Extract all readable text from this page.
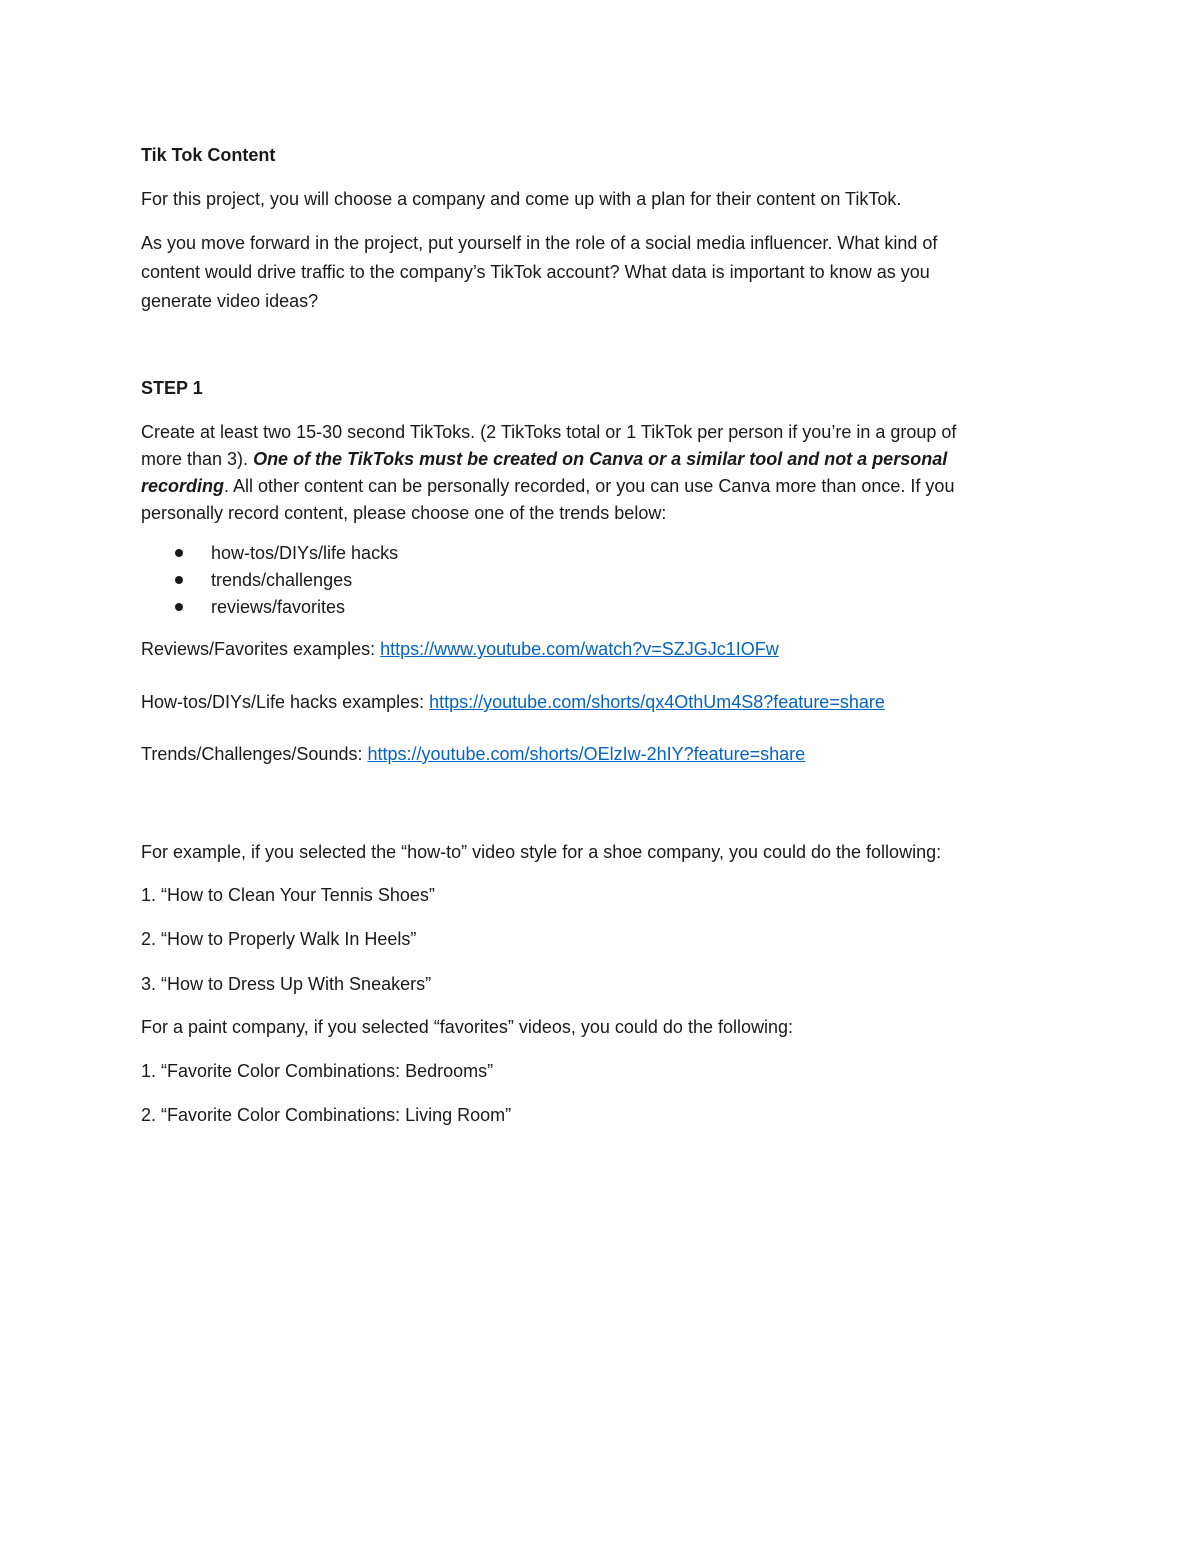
Tik Tok Content
For this project, you will choose a company and come up with a plan for their content on TikTok.
As you move forward in the project, put yourself in the role of a social media influencer. What kind of
content would drive traffic to the company’s TikTok account? What data is important to know as you
generate video ideas?
STEP 1
Create at least two 15-30 second TikToks. (2 TikToks total or 1 TikTok per person if you’re in a group of
more than 3). One of the TikToks must be created on Canva or a similar tool and not a personal
recording. All other content can be personally recorded, or you can use Canva more than once. If you
personally record content, please choose one of the trends below:
how-tos/DIYs/life hacks
trends/challenges
reviews/favorites
Reviews/Favorites examples: https://www.youtube.com/watch?v=SZJGJc1IOFw
How-tos/DIYs/Life hacks examples: https://youtube.com/shorts/qx4OthUm4S8?feature=share
Trends/Challenges/Sounds: https://youtube.com/shorts/OElzIw-2hIY?feature=share
For example, if you selected the “how-to” video style for a shoe company, you could do the following:
1. “How to Clean Your Tennis Shoes”
2. “How to Properly Walk In Heels”
3. “How to Dress Up With Sneakers”
For a paint company, if you selected “favorites” videos, you could do the following:
1. “Favorite Color Combinations: Bedrooms”
2. “Favorite Color Combinations: Living Room”
